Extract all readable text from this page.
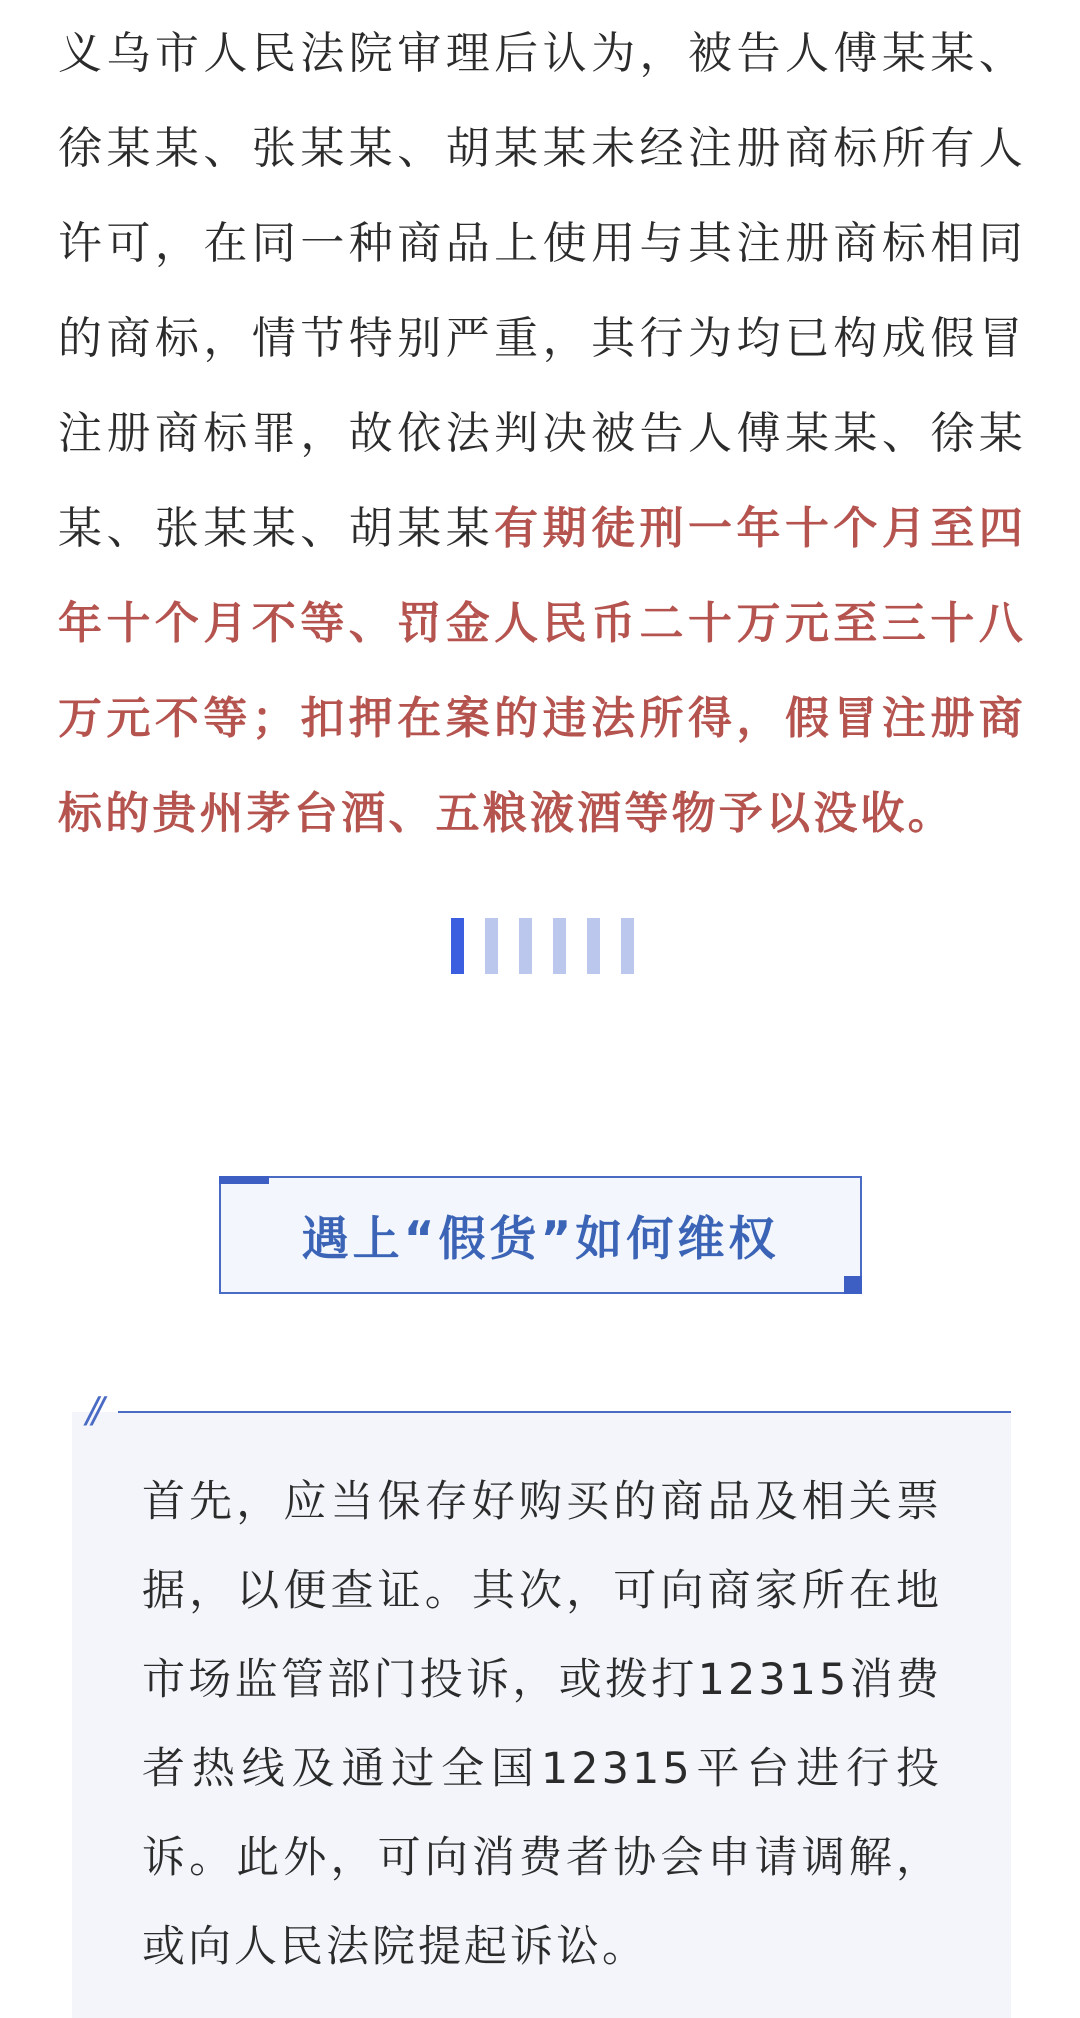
义乌市人民法院审理后认为，被告人傅某某、徐某某、张某某、胡某某未经注册商标所有人许可，在同一种商品上使用与其注册商标相同的商标，情节特别严重，其行为均已构成假冒注册商标罪，故依法判决被告人傅某某、徐某某、张某某、胡某某有期徒刑一年十个月至四年十个月不等、罚金人民币二十万元至三十八万元不等；扣押在案的违法所得，假冒注册商标的贵州茅台酒、五粮液酒等物予以没收。

遇上“假货”如何维权

首先，应当保存好购买的商品及相关票据，以便查证。其次，可向商家所在地市场监管部门投诉，或拨打12315消费者热线及通过全国12315平台进行投诉。此外，可向消费者协会申请调解，或向人民法院提起诉讼。

//
